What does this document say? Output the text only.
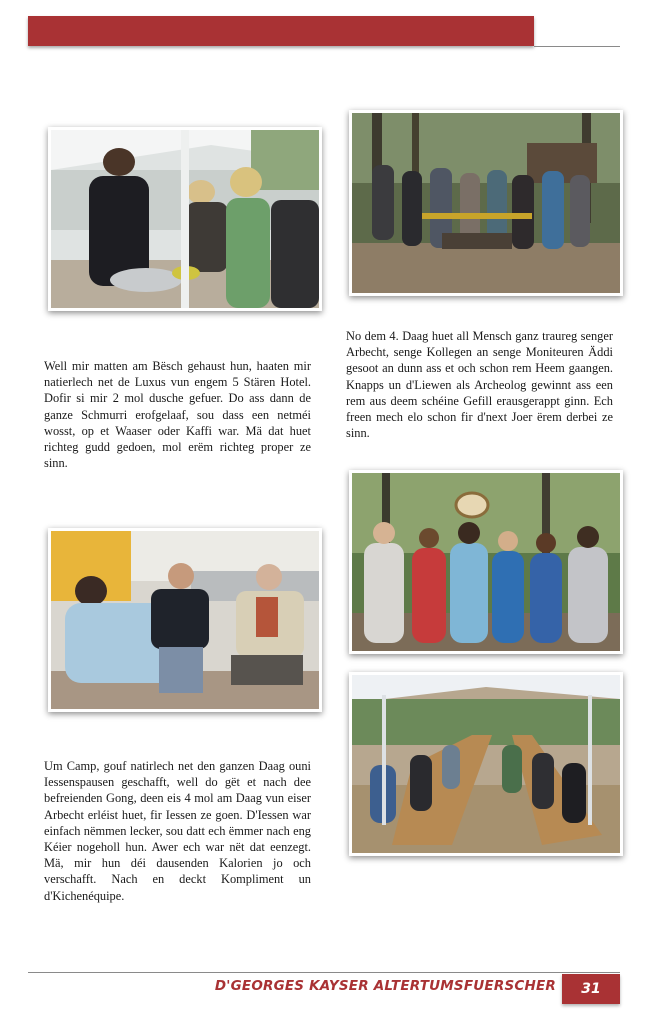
Well mir matten am Bësch gehaust hun, haaten mir natierlech net de Luxus vun engem 5 Stären Hotel. Dofir si mir 2 mol dusche gefuer. Do ass dann de ganze Schmurri erofgelaaf, sou dass een netméi wosst, op et Waaser oder Kaffi war. Mä dat huet richteg gudd gedoen, mol erëm richteg proper ze sinn.

No dem 4. Daag huet all Mensch ganz traureg senger Arbecht, senge Kollegen an senge Moniteuren Äddi gesoot an dunn ass et och schon rem Heem gaangen. Knapps un d'Liewen als Archeolog gewinnt ass een rem aus deem schéine Gefill erausgerappt ginn. Ech freen mech elo schon fir d'next Joer ërem derbei ze sinn.

Um Camp, gouf natirlech net den ganzen Daag ouni Iessenspausen geschafft, well do gët et nach dee befreienden Gong, deen eis 4 mol am Daag vun eiser Arbecht erléist huet, fir Iessen ze goen. D'Iessen war einfach nëmmen lecker, sou datt ech ëmmer nach eng Kéier nogeholl hun. Awer ech war nët dat eenzegt. Mä, mir hun déi dausenden Kalorien jo och verschafft. Nach en deckt Kompliment un d'Kichenéquipe.

D'GEORGES KAYSER ALTERTUMSFUERSCHER	31
